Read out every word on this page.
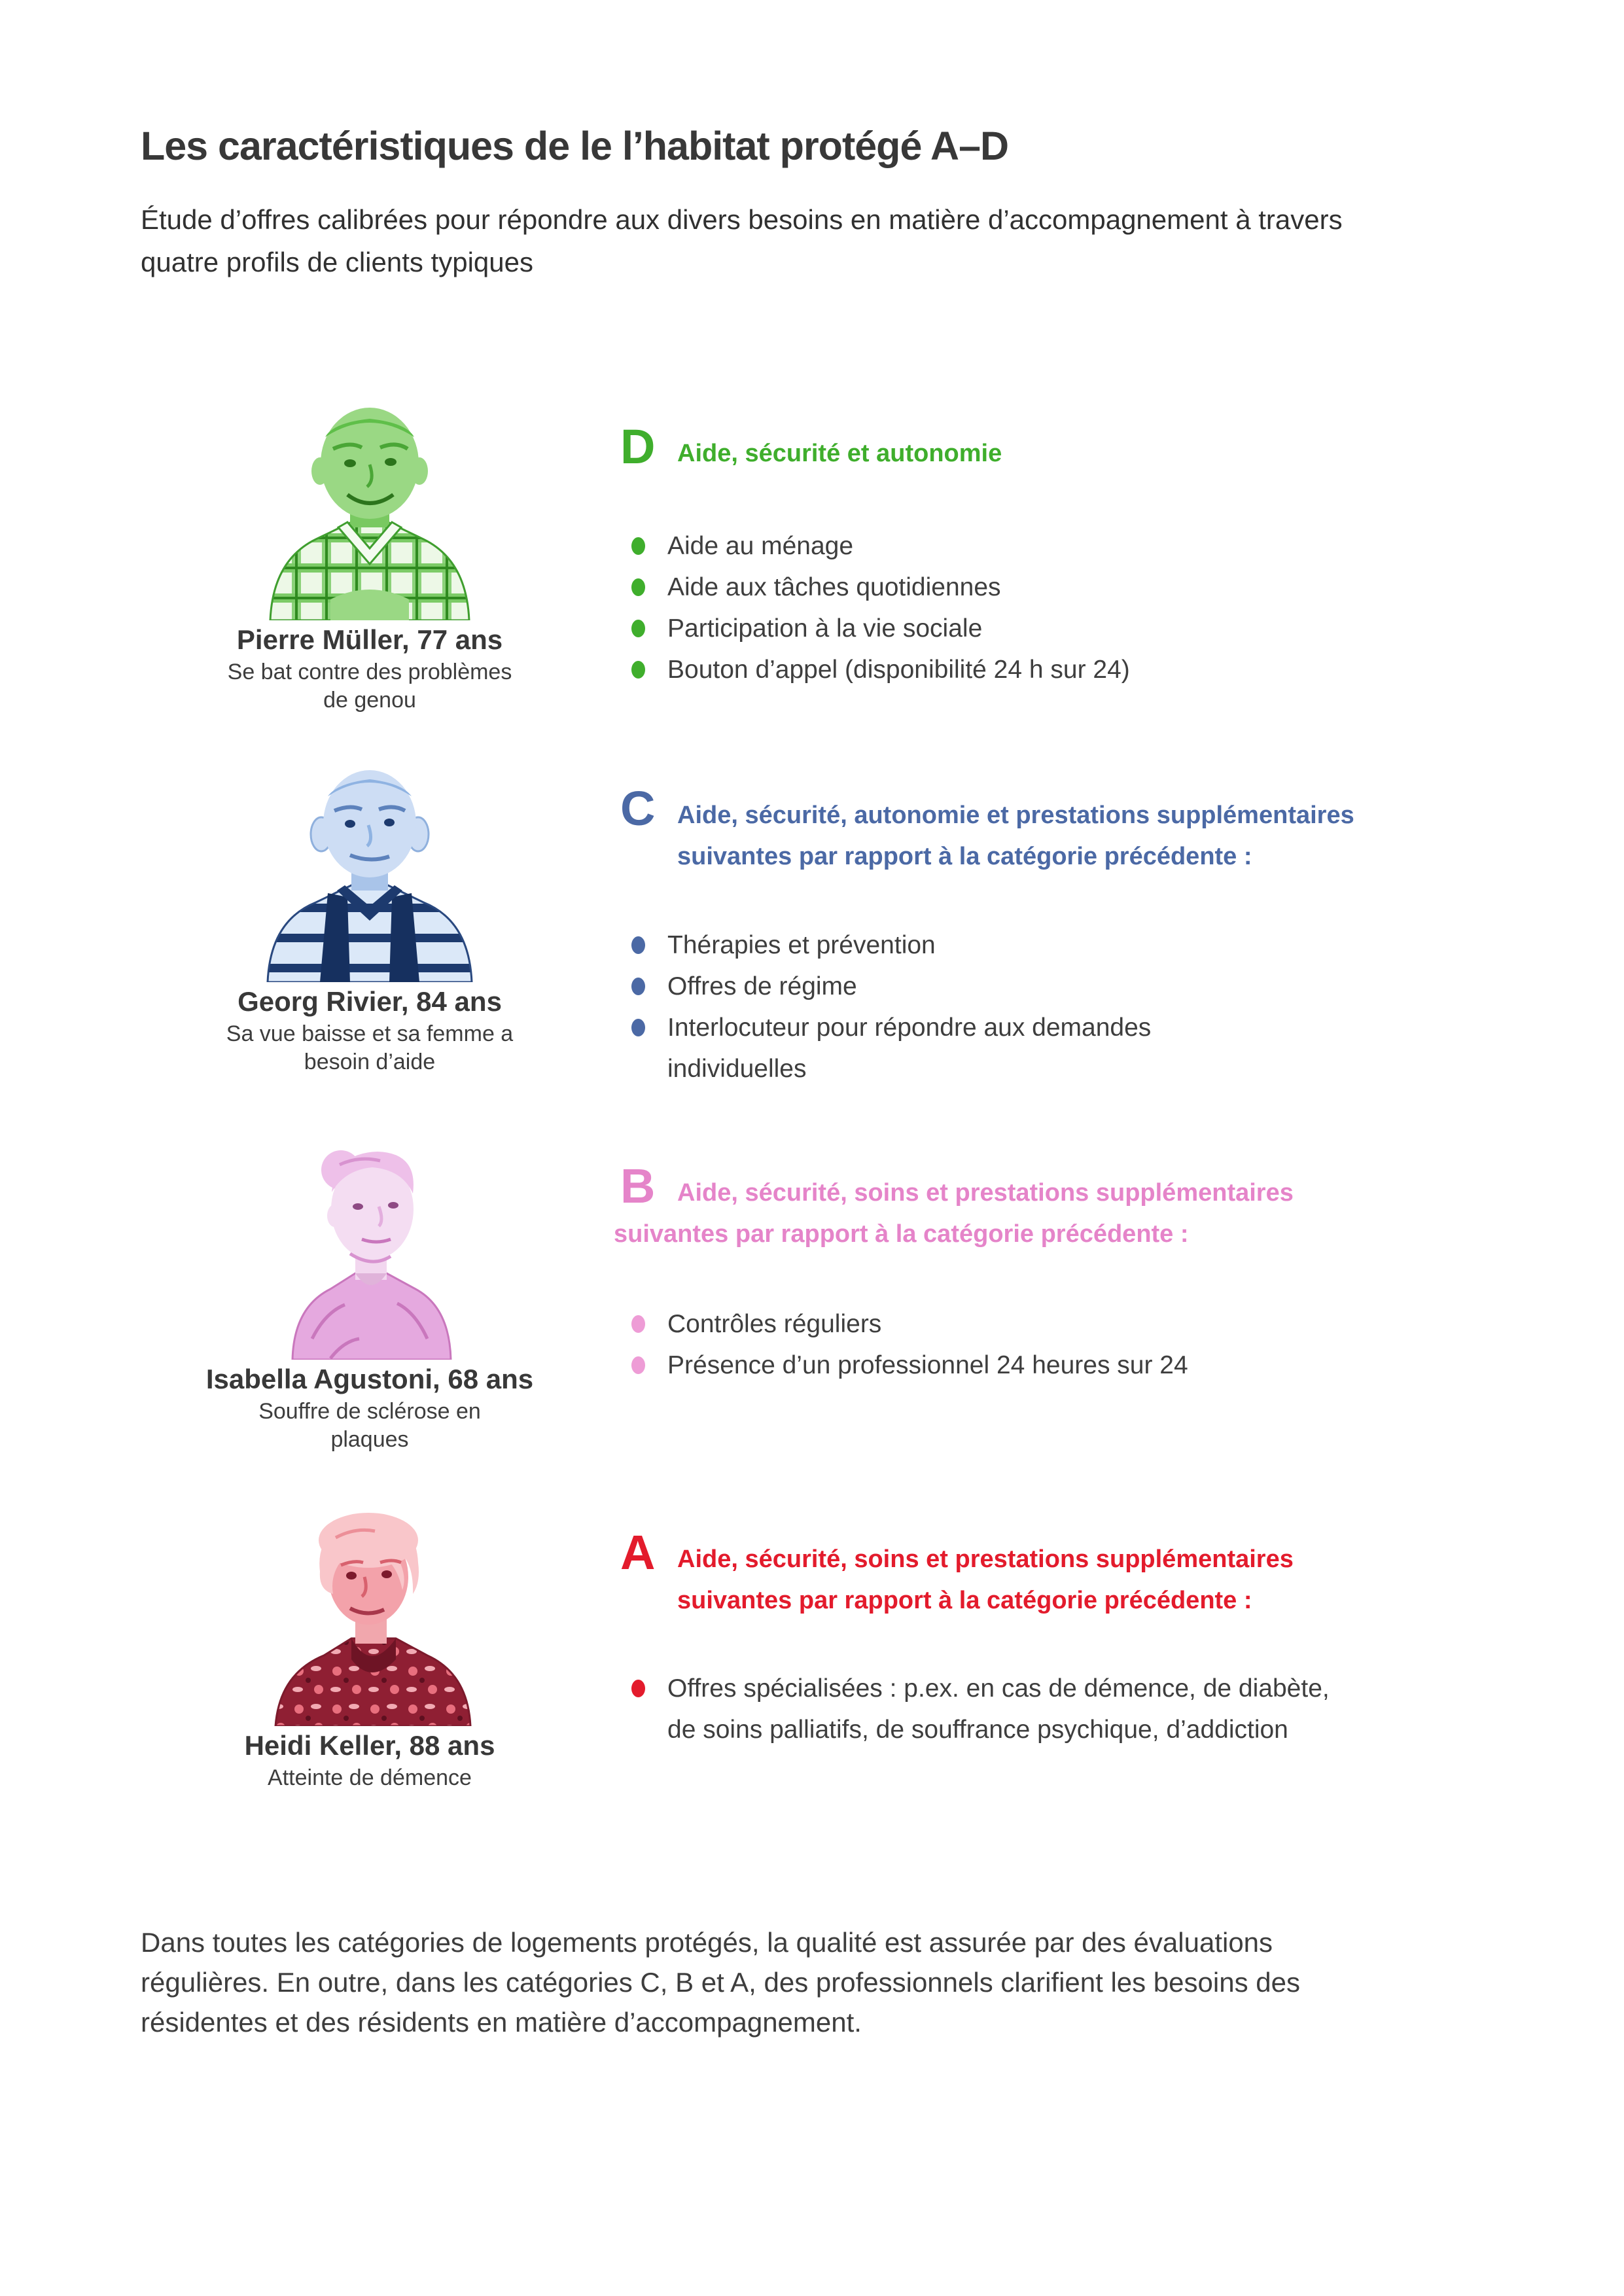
Les caractéristiques de le l’habitat protégé A–D

Étude d’offres calibrées pour répondre aux divers besoins en matière d’accompagnement à travers
quatre profils de clients typiques

Pierre Müller, 77 ans
Se bat contre des problèmes
de genou
D Aide, sécurité et autonomie
Aide au ménage
Aide aux tâches quotidiennes
Participation à la vie sociale
Bouton d’appel (disponibilité 24 h sur 24)
Georg Rivier, 84 ans
Sa vue baisse et sa femme a
besoin d’aide
C Aide, sécurité, autonomie et prestations supplémentaires
suivantes par rapport à la catégorie précédente :
Thérapies et prévention
Offres de régime
Interlocuteur pour répondre aux demandes
individuelles
Isabella Agustoni, 68 ans
Souffre de sclérose en
plaques
B Aide, sécurité, soins et prestations supplémentaires
suivantes par rapport à la catégorie précédente :
Contrôles réguliers
Présence d’un professionnel 24 heures sur 24
Heidi Keller, 88 ans
Atteinte de démence
A Aide, sécurité, soins et prestations supplémentaires
suivantes par rapport à la catégorie précédente :
Offres spécialisées : p.ex. en cas de démence, de diabète,
de soins palliatifs, de souffrance psychique, d’addiction

Dans toutes les catégories de logements protégés, la qualité est assurée par des évaluations
régulières. En outre, dans les catégories C, B et A, des professionnels clarifient les besoins des
résidentes et des résidents en matière d’accompagnement.
